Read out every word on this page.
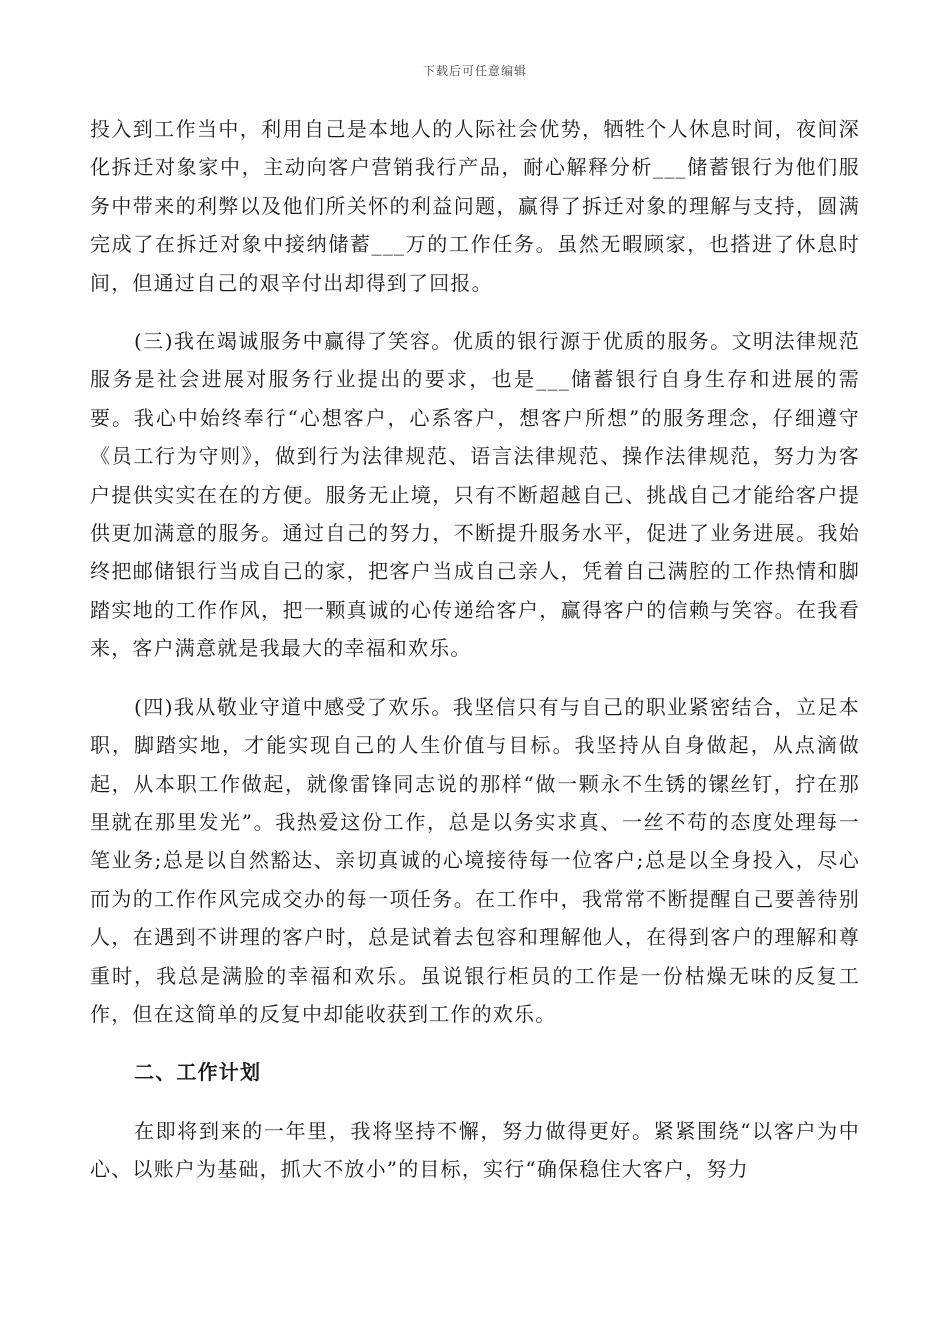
下载后可任意编辑

投入到工作当中，利用自己是本地人的人际社会优势，牺牲个人休息时间，夜间深化拆迁对象家中，主动向客户营销我行产品，耐心解释分析___储蓄银行为他们服务中带来的利弊以及他们所关怀的利益问题，赢得了拆迁对象的理解与支持，圆满完成了在拆迁对象中接纳储蓄___万的工作任务。虽然无暇顾家，也搭进了休息时间，但通过自己的艰辛付出却得到了回报。

(三)我在竭诚服务中赢得了笑容。优质的银行源于优质的服务。文明法律规范服务是社会进展对服务行业提出的要求，也是___储蓄银行自身生存和进展的需要。我心中始终奉行“心想客户，心系客户，想客户所想”的服务理念，仔细遵守《员工行为守则》，做到行为法律规范、语言法律规范、操作法律规范，努力为客户提供实实在在的方便。服务无止境，只有不断超越自己、挑战自己才能给客户提供更加满意的服务。通过自己的努力，不断提升服务水平，促进了业务进展。我始终把邮储银行当成自己的家，把客户当成自己亲人，凭着自己满腔的工作热情和脚踏实地的工作作风，把一颗真诚的心传递给客户，赢得客户的信赖与笑容。在我看来，客户满意就是我最大的幸福和欢乐。

(四)我从敬业守道中感受了欢乐。我坚信只有与自己的职业紧密结合，立足本职，脚踏实地，才能实现自己的人生价值与目标。我坚持从自身做起，从点滴做起，从本职工作做起，就像雷锋同志说的那样“做一颗永不生锈的镙丝钉，拧在那里就在那里发光”。我热爱这份工作，总是以务实求真、一丝不苟的态度处理每一笔业务;总是以自然豁达、亲切真诚的心境接待每一位客户;总是以全身投入，尽心而为的工作作风完成交办的每一项任务。在工作中，我常常不断提醒自己要善待别人，在遇到不讲理的客户时，总是试着去包容和理解他人，在得到客户的理解和尊重时，我总是满脸的幸福和欢乐。虽说银行柜员的工作是一份枯燥无味的反复工作，但在这简单的反复中却能收获到工作的欢乐。

二、工作计划

在即将到来的一年里，我将坚持不懈，努力做得更好。紧紧围绕“以客户为中心、以账户为基础，抓大不放小”的目标，实行“确保稳住大客户，努力
